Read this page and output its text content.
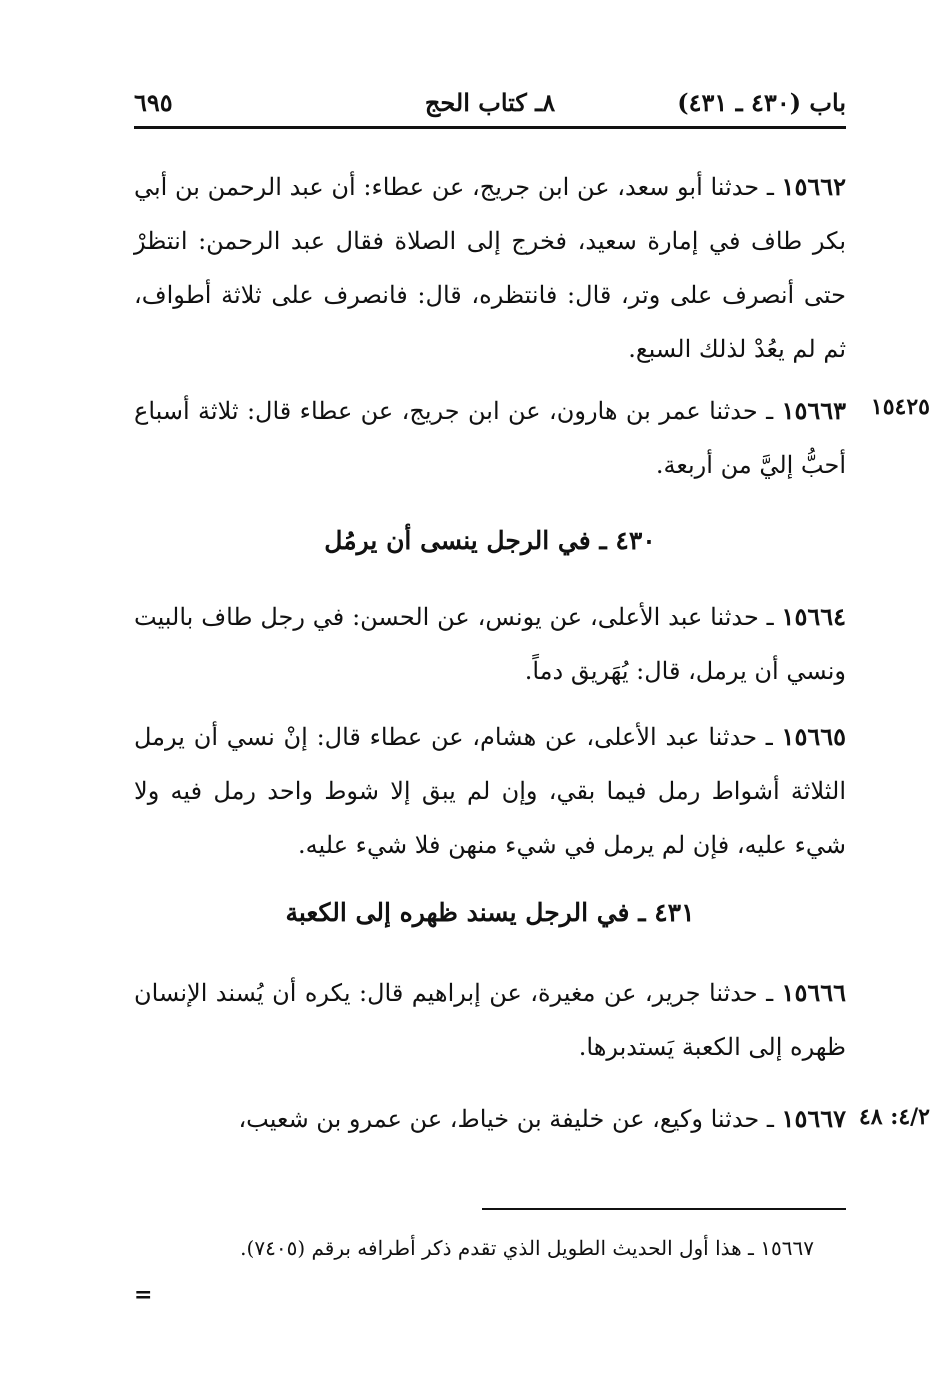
باب (٤٣٠ ـ ٤٣١)
٨ـ كتاب الحج
٦٩٥
١٥٦٦٢ ـ حدثنا أبو سعد، عن ابن جريج، عن عطاء: أن عبد الرحمن بن أبي بكر طاف في إمارة سعيد، فخرج إلى الصلاة فقال عبد الرحمن: انتظرْ حتى أنصرف على وتر، قال: فانتظره، قال: فانصرف على ثلاثة أطواف، ثم لم يعُدْ لذلك السبع.
١٥٤٢٥
١٥٦٦٣ ـ حدثنا عمر بن هارون، عن ابن جريج، عن عطاء قال: ثلاثة أسباع أحبُّ إليَّ من أربعة.
٤٣٠ ـ في الرجل ينسى أن يرمُل
١٥٦٦٤ ـ حدثنا عبد الأعلى، عن يونس، عن الحسن: في رجل طاف بالبيت ونسي أن يرمل، قال: يُهَريق دماً.
١٥٦٦٥ ـ حدثنا عبد الأعلى، عن هشام، عن عطاء قال: إنْ نسي أن يرمل الثلاثة أشواط رمل فيما بقي، وإن لم يبق إلا شوط واحد رمل فيه ولا شيء عليه، فإن لم يرمل في شيء منهن فلا شيء عليه.
٤٣١ ـ في الرجل يسند ظهره إلى الكعبة
١٥٦٦٦ ـ حدثنا جرير، عن مغيرة، عن إبراهيم قال: يكره أن يُسند الإنسان ظهره إلى الكعبة يَستدبرها.
٤/٢: ٤٨
١٥٦٦٧ ـ حدثنا وكيع، عن خليفة بن خياط، عن عمرو بن شعيب،
١٥٦٦٧ ـ هذا أول الحديث الطويل الذي تقدم ذكر أطرافه برقم (٧٤٠٥).
=
